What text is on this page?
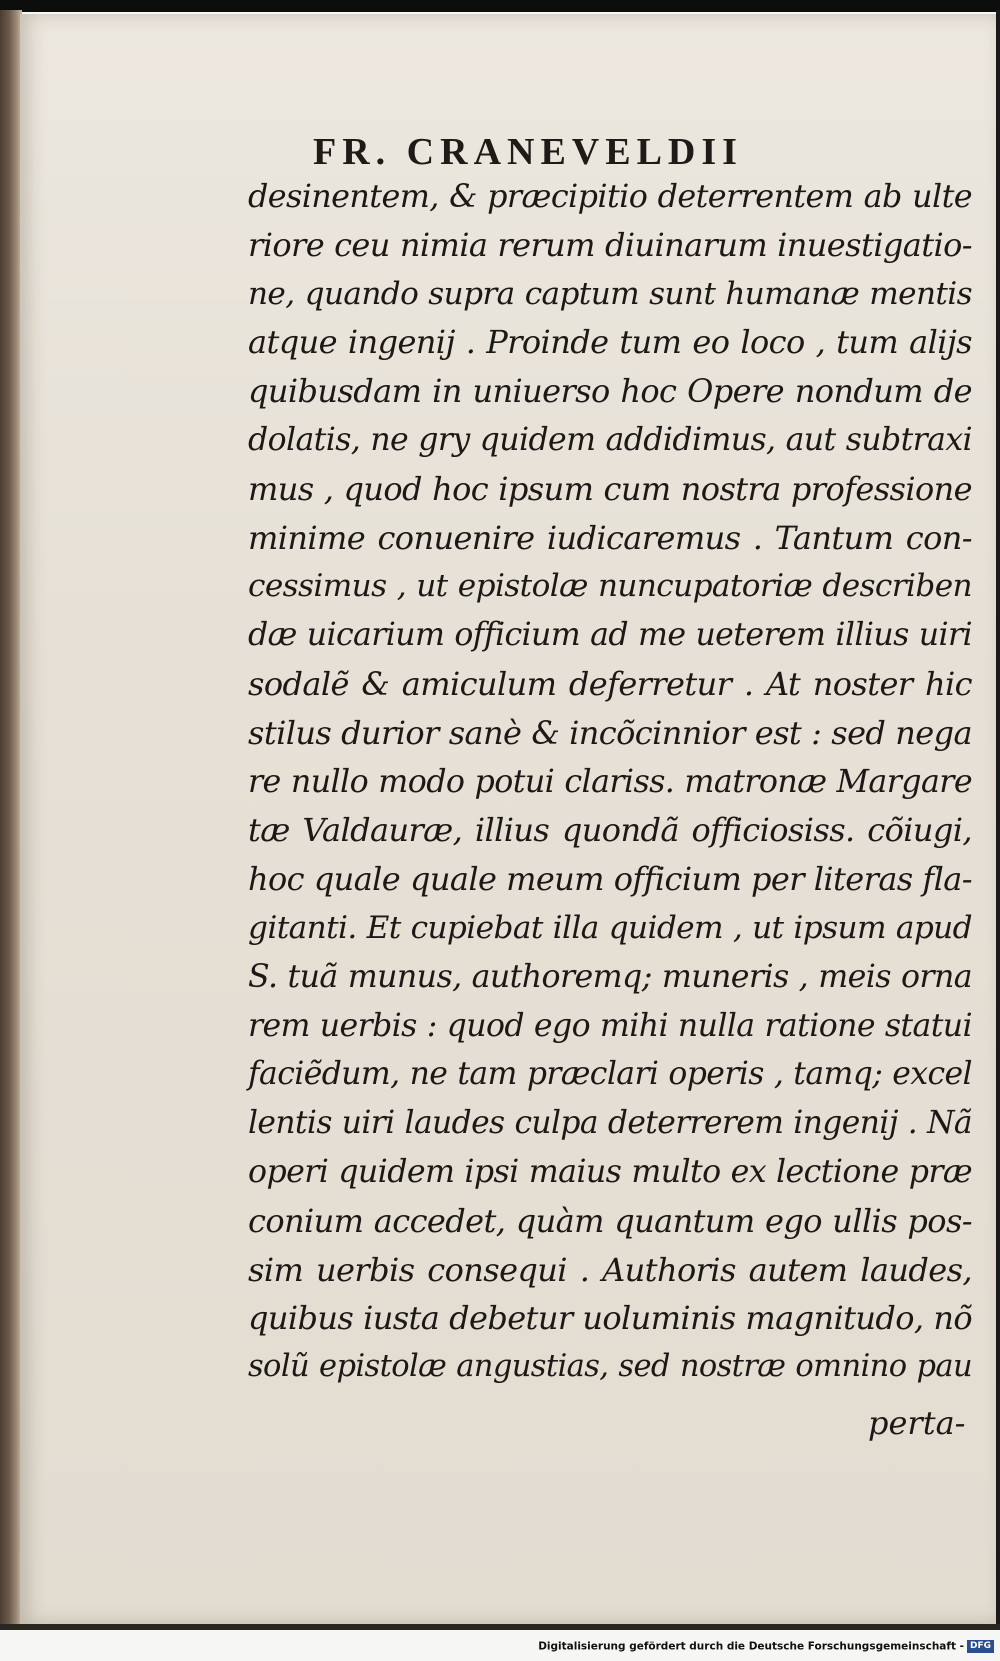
FR. CRANEVELDII
desinentem, & præcipitio deterrentem ab ulte
riore ceu nimia rerum diuinarum inuestigatio-
ne, quando supra captum sunt humanæ mentis
atque ingenij . Proinde tum eo loco , tum alijs
quibusdam in uniuerso hoc Opere nondum de
dolatis, ne gry quidem addidimus, aut subtraxi
mus , quod hoc ipsum cum nostra professione
minime conuenire iudicaremus . Tantum con-
cessimus , ut epistolæ nuncupatoriæ describen
dæ uicarium officium ad me ueterem illius uiri
sodalẽ & amiculum deferretur . At noster hic
stilus durior sanè & incõcinnior est : sed nega
re nullo modo potui clariss. matronæ Margare
tæ Valdauræ, illius quondã officiosiss. cõiugi,
hoc quale quale meum officium per literas fla-
gitanti. Et cupiebat illa quidem , ut ipsum apud
S. tuã munus, authoremq; muneris , meis orna
rem uerbis : quod ego mihi nulla ratione statui
faciẽdum, ne tam præclari operis , tamq; excel
lentis uiri laudes culpa deterrerem ingenij . Nã
operi quidem ipsi maius multo ex lectione præ
conium accedet, quàm quantum ego ullis pos-
sim uerbis consequi . Authoris autem laudes,
quibus iusta debetur uoluminis magnitudo, nõ
solũ epistolæ angustias, sed nostræ omnino pau
perta-
Digitalisierung gefördert durch die Deutsche Forschungsgemeinschaft - DFG
